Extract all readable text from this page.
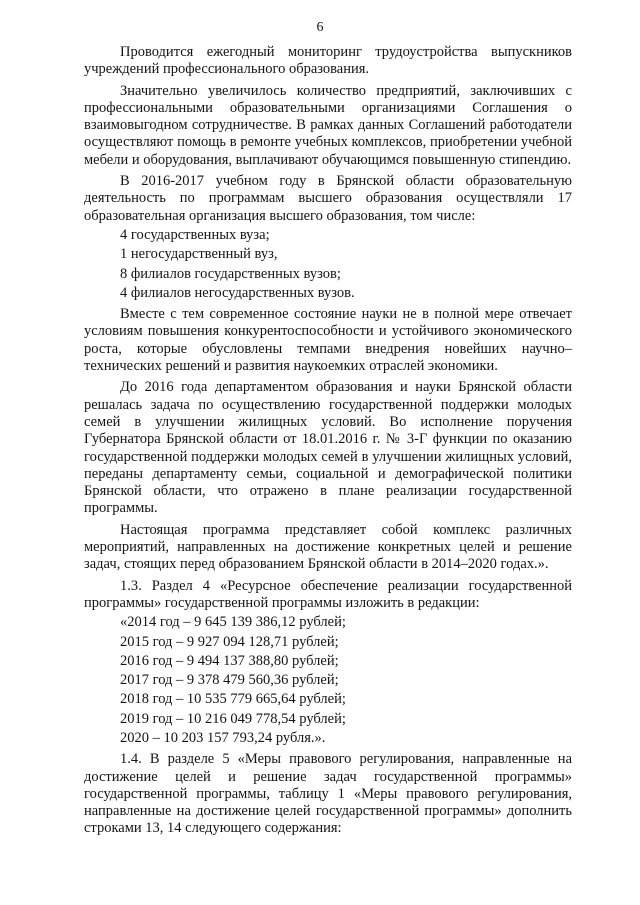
6

Проводится ежегодный мониторинг трудоустройства выпускников учреждений профессионального образования.

Значительно увеличилось количество предприятий, заключивших с профессиональными образовательными организациями Соглашения о взаимовыгодном сотрудничестве. В рамках данных Соглашений работодатели осуществляют помощь в ремонте учебных комплексов, приобретении учебной мебели и оборудования, выплачивают обучающимся повышенную стипендию.

В 2016-2017 учебном году в Брянской области образовательную деятельность по программам высшего образования осуществляли 17 образовательная организация высшего образования, том числе:

4 государственных вуза;

1 негосударственный вуз,

8 филиалов государственных вузов;

4 филиалов негосударственных вузов.

Вместе с тем современное состояние науки не в полной мере отвечает условиям повышения конкурентоспособности и устойчивого экономического роста, которые обусловлены темпами внедрения новейших научно–технических решений и развития наукоемких отраслей экономики.

До 2016 года департаментом образования и науки Брянской области решалась задача по осуществлению государственной поддержки молодых семей в улучшении жилищных условий. Во исполнение поручения Губернатора Брянской области от 18.01.2016 г. № 3-Г функции по оказанию государственной поддержки молодых семей в улучшении жилищных условий, переданы департаменту семьи, социальной и демографической политики Брянской области, что отражено в плане реализации государственной программы.

Настоящая программа представляет собой комплекс различных мероприятий, направленных на достижение конкретных целей и решение задач, стоящих перед образованием Брянской области в 2014–2020 годах.».

1.3. Раздел 4 «Ресурсное обеспечение реализации государственной программы» государственной программы изложить в редакции:

«2014 год – 9 645 139 386,12 рублей;

2015 год – 9 927 094 128,71 рублей;

2016 год – 9 494 137 388,80 рублей;

2017 год – 9 378 479 560,36 рублей;

2018 год – 10 535 779 665,64 рублей;

2019 год – 10 216 049 778,54 рублей;

2020 – 10 203 157 793,24 рубля.».

1.4. В разделе 5 «Меры правового регулирования, направленные на достижение целей и решение задач государственной программы» государственной программы, таблицу 1 «Меры правового регулирования, направленные на достижение целей государственной программы» дополнить строками 13, 14 следующего содержания:
